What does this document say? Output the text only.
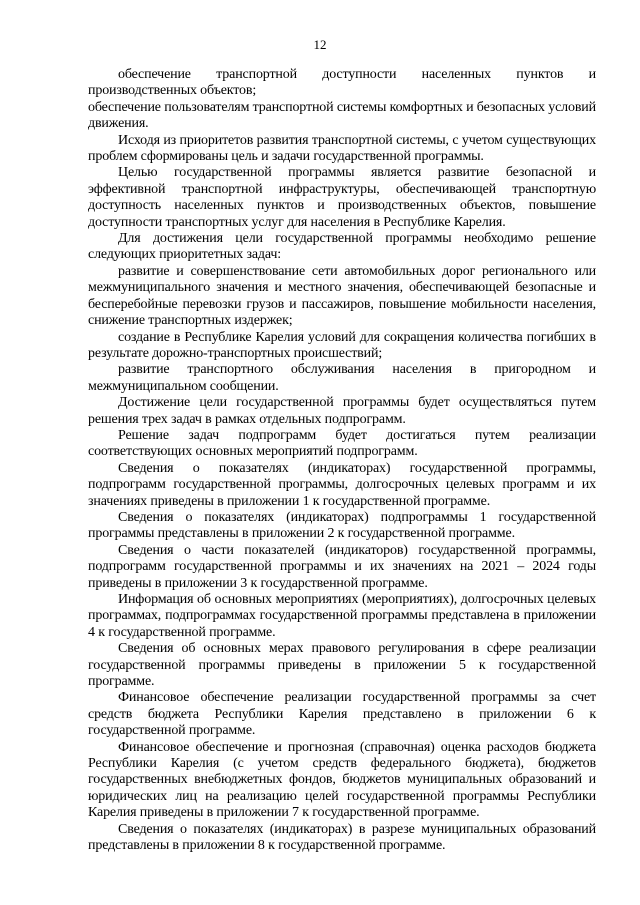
12

обеспечение транспортной доступности населенных пунктов и производственных объектов;

обеспечение пользователям транспортной системы комфортных и безопасных условий движения.

Исходя из приоритетов развития транспортной системы, с учетом существующих проблем сформированы цель и задачи государственной программы.

Целью государственной программы является развитие безопасной и эффективной транспортной инфраструктуры, обеспечивающей транспортную доступность населенных пунктов и производственных объектов, повышение доступности транспортных услуг для населения в Республике Карелия.

Для достижения цели государственной программы необходимо решение следующих приоритетных задач:

развитие и совершенствование сети автомобильных дорог регионального или межмуниципального значения и местного значения, обеспечивающей безопасные и бесперебойные перевозки грузов и пассажиров, повышение мобильности населения, снижение транспортных издержек;

создание в Республике Карелия условий для сокращения количества погибших в результате дорожно-транспортных происшествий;

развитие транспортного обслуживания населения в пригородном и межмуниципальном сообщении.

Достижение цели государственной программы будет осуществляться путем решения трех задач в рамках отдельных подпрограмм.

Решение задач подпрограмм будет достигаться путем реализации соответствующих основных мероприятий подпрограмм.

Сведения о показателях (индикаторах) государственной программы, подпрограмм государственной программы, долгосрочных целевых программ и их значениях приведены в приложении 1 к государственной программе.

Сведения о показателях (индикаторах) подпрограммы 1 государственной программы представлены в приложении 2 к государственной программе.

Сведения о части показателей (индикаторов) государственной программы, подпрограмм государственной программы и их значениях на 2021 – 2024 годы приведены в приложении 3 к государственной программе.

Информация об основных мероприятиях (мероприятиях), долгосрочных целевых программах, подпрограммах государственной программы представлена в приложении 4 к государственной программе.

Сведения об основных мерах правового регулирования в сфере реализации государственной программы приведены в приложении 5 к государственной программе.

Финансовое обеспечение реализации государственной программы за счет средств бюджета Республики Карелия представлено в приложении 6 к государственной программе.

Финансовое обеспечение и прогнозная (справочная) оценка расходов бюджета Республики Карелия (с учетом средств федерального бюджета), бюджетов государственных внебюджетных фондов, бюджетов муниципальных образований и юридических лиц на реализацию целей государственной программы Республики Карелия приведены в приложении 7 к государственной программе.

Сведения о показателях (индикаторах) в разрезе муниципальных образований представлены в приложении 8 к государственной программе.
